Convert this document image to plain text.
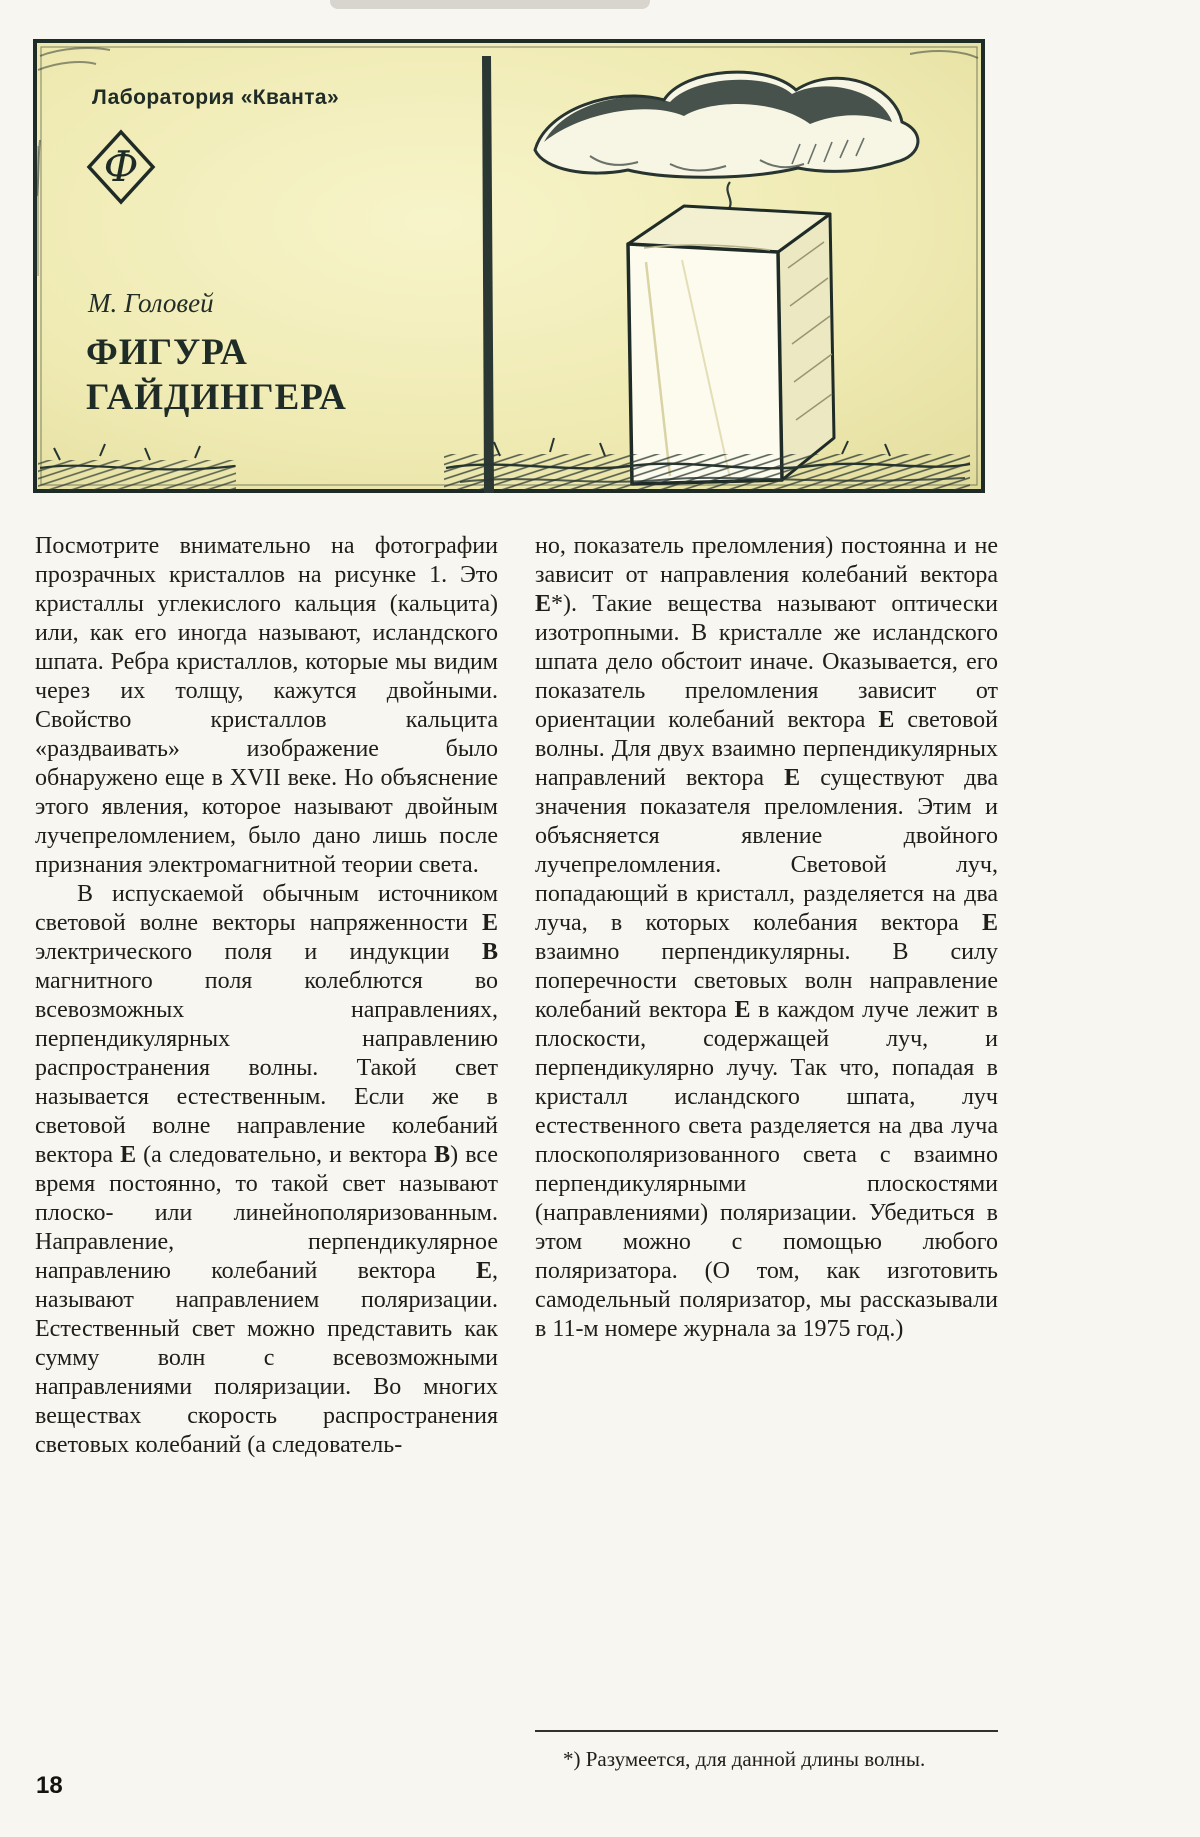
Лаборатория «Кванта»
Ф
М. Головей
ФИГУРА
ГАЙДИНГЕРА

Посмотрите внимательно на фотографии прозрачных кристаллов на рисунке 1. Это кристаллы углекислого кальция (кальцита) или, как его иногда называют, исландского шпата. Ребра кристаллов, которые мы видим через их толщу, кажутся двойными. Свойство кристаллов кальцита «раздваивать» изображение было обнаружено еще в XVII веке. Но объяснение этого явления, которое называют двойным лучепреломлением, было дано лишь после признания электромагнитной теории света.

В испускаемой обычным источником световой волне векторы напряженности Е электрического поля и индукции В магнитного поля колеблются во всевозможных направлениях, перпендикулярных направлению распространения волны. Такой свет называется естественным. Если же в световой волне направление колебаний вектора Е (а следовательно, и вектора В) все время постоянно, то такой свет называют плоско- или линейнополяризованным. Направление, перпендикулярное направлению колебаний вектора Е, называют направлением поляризации. Естественный свет можно представить как сумму волн с всевозможными направлениями поляризации. Во многих веществах скорость распространения световых колебаний (а следователь-

но, показатель преломления) постоянна и не зависит от направления колебаний вектора Е*). Такие вещества называют оптически изотропными. В кристалле же исландского шпата дело обстоит иначе. Оказывается, его показатель преломления зависит от ориентации колебаний вектора Е световой волны. Для двух взаимно перпендикулярных направлений вектора Е существуют два значения показателя преломления. Этим и объясняется явление двойного лучепреломления. Световой луч, попадающий в кристалл, разделяется на два луча, в которых колебания вектора Е взаимно перпендикулярны. В силу поперечности световых волн направление колебаний вектора Е в каждом луче лежит в плоскости, содержащей луч, и перпендикулярно лучу. Так что, попадая в кристалл исландского шпата, луч естественного света разделяется на два луча плоскополяризованного света с взаимно перпендикулярными плоскостями (направлениями) поляризации. Убедиться в этом можно с помощью любого поляризатора. (О том, как изготовить самодельный поляризатор, мы рассказывали в 11-м номере журнала за 1975 год.)

*) Разумеется, для данной длины волны.

18
